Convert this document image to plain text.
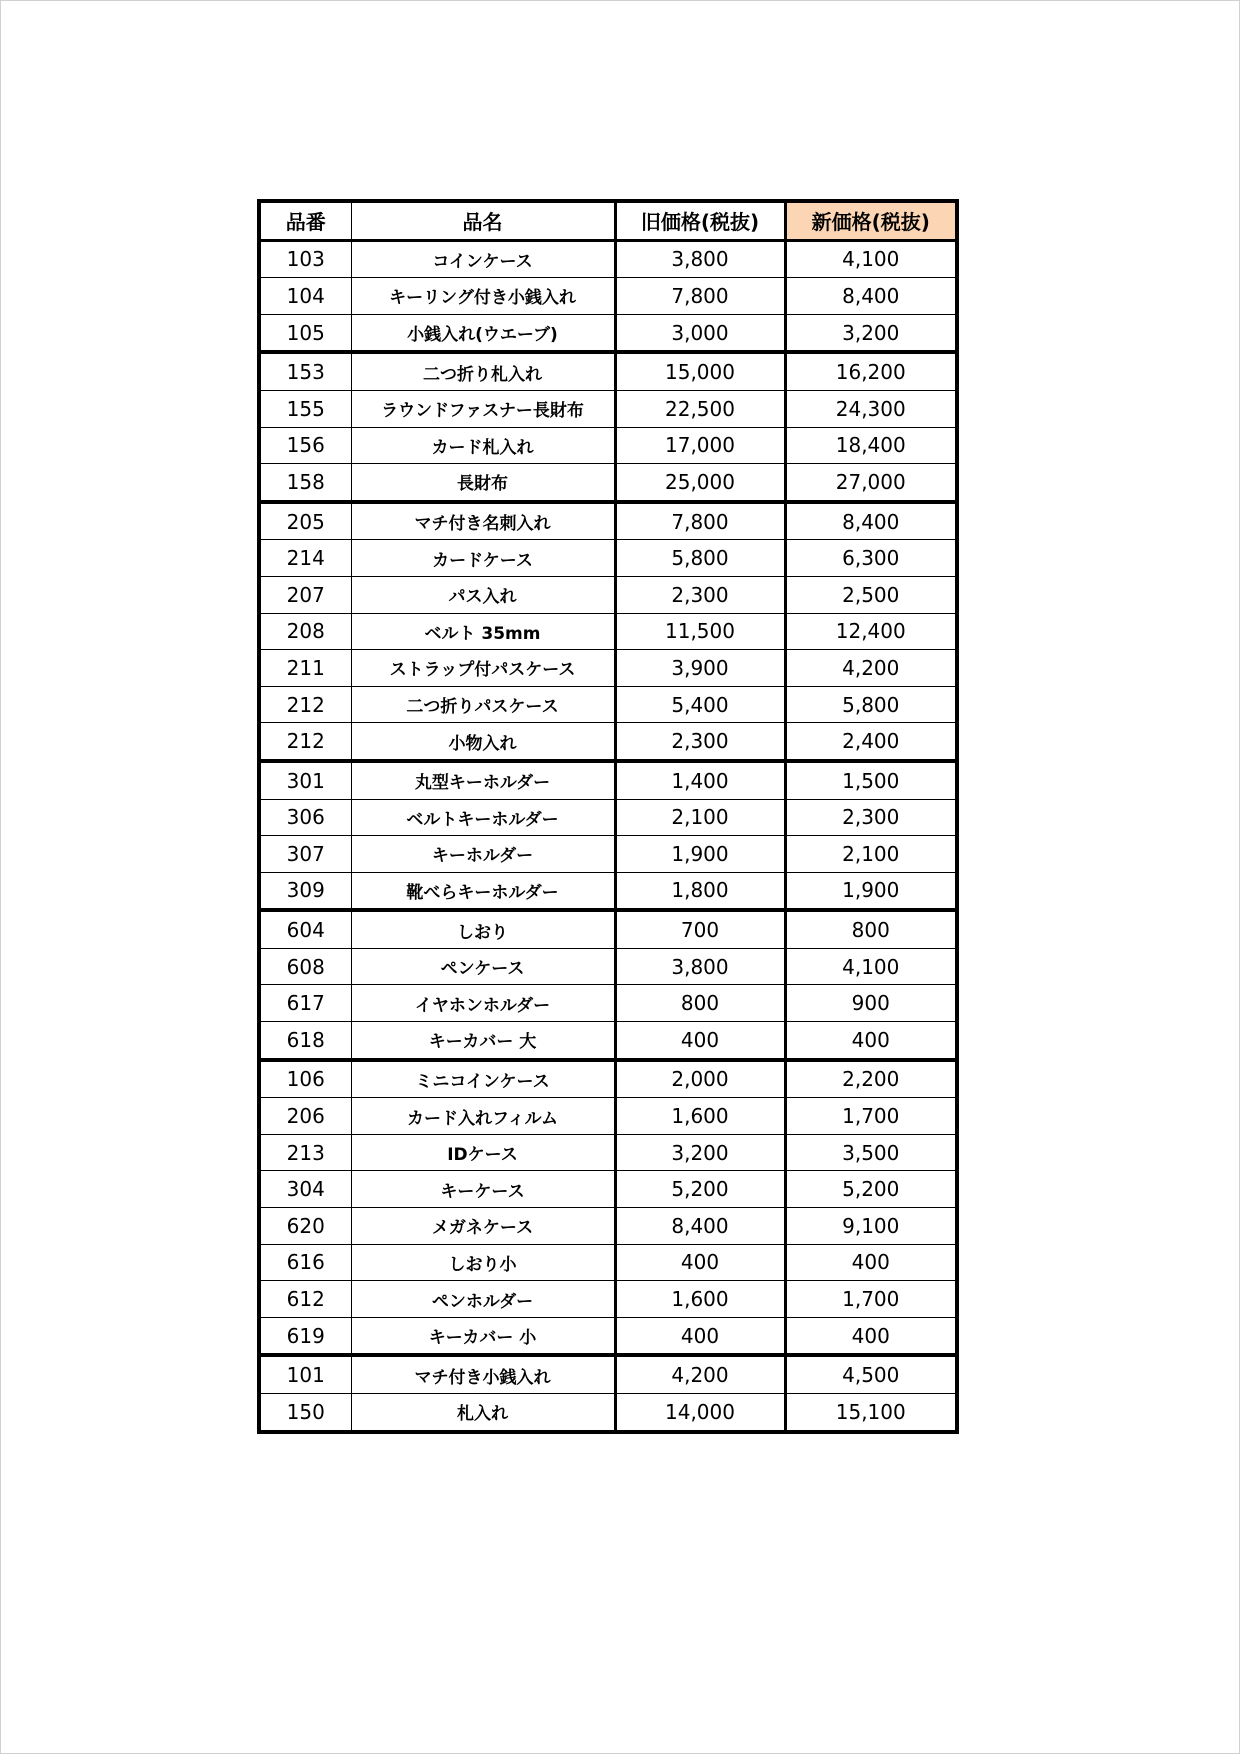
品番	品名	旧価格(税抜)	新価格(税抜)
103	コインケース	3,800	4,100
104	キーリング付き小銭入れ	7,800	8,400
105	小銭入れ(ウエーブ)	3,000	3,200
153	二つ折り札入れ	15,000	16,200
155	ラウンドファスナー長財布	22,500	24,300
156	カード札入れ	17,000	18,400
158	長財布	25,000	27,000
205	マチ付き名刺入れ	7,800	8,400
214	カードケース	5,800	6,300
207	パス入れ	2,300	2,500
208	ベルト 35mm	11,500	12,400
211	ストラップ付パスケース	3,900	4,200
212	二つ折りパスケース	5,400	5,800
212	小物入れ	2,300	2,400
301	丸型キーホルダー	1,400	1,500
306	ベルトキーホルダー	2,100	2,300
307	キーホルダー	1,900	2,100
309	靴べらキーホルダー	1,800	1,900
604	しおり	700	800
608	ペンケース	3,800	4,100
617	イヤホンホルダー	800	900
618	キーカバー 大	400	400
106	ミニコインケース	2,000	2,200
206	カード入れフィルム	1,600	1,700
213	IDケース	3,200	3,500
304	キーケース	5,200	5,200
620	メガネケース	8,400	9,100
616	しおり小	400	400
612	ペンホルダー	1,600	1,700
619	キーカバー 小	400	400
101	マチ付き小銭入れ	4,200	4,500
150	札入れ	14,000	15,100
